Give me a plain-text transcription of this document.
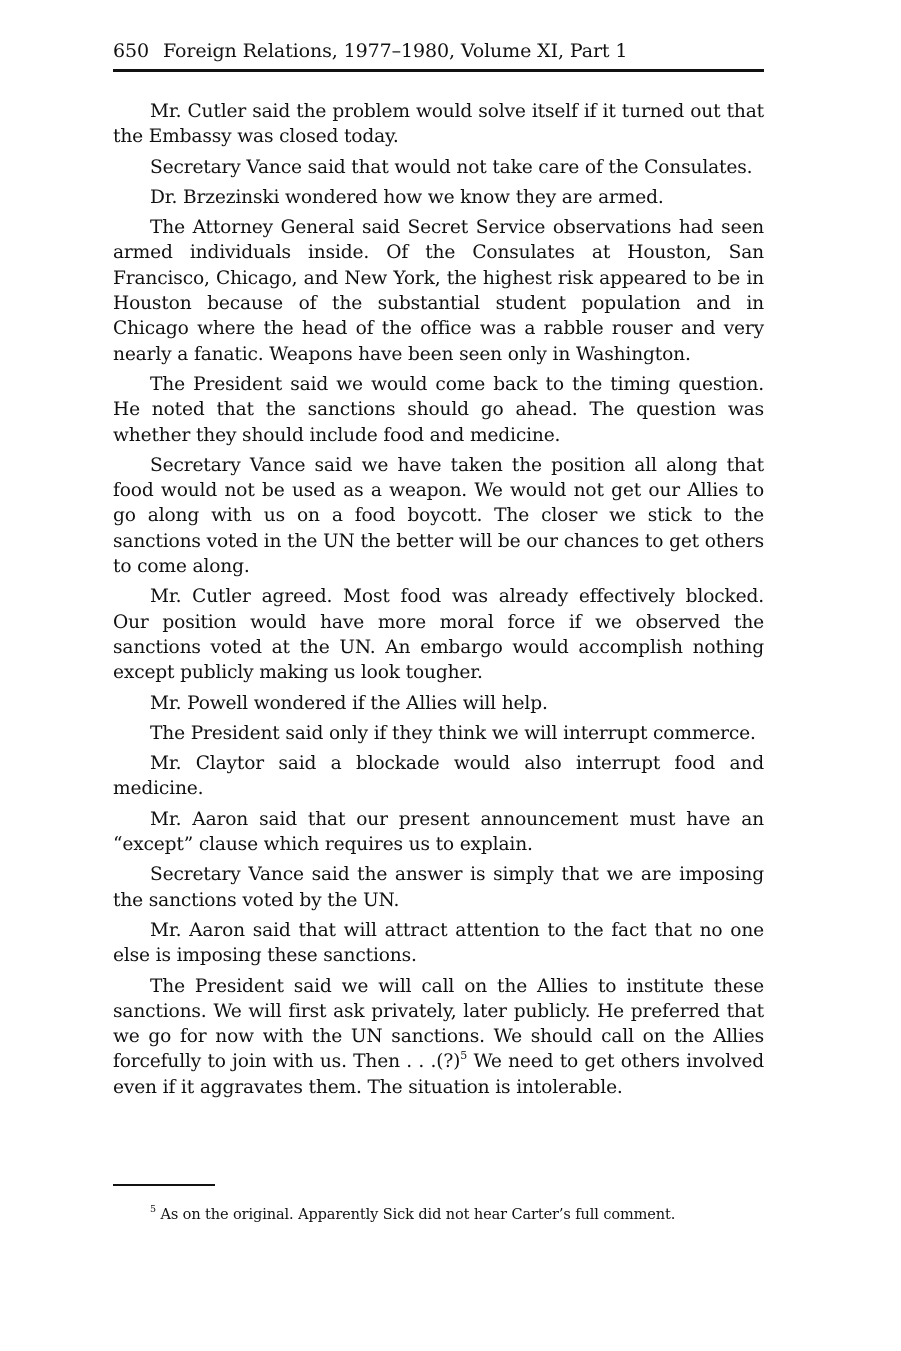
650 Foreign Relations, 1977–1980, Volume XI, Part 1

Mr. Cutler said the problem would solve itself if it turned out that the Embassy was closed today.

Secretary Vance said that would not take care of the Consulates.

Dr. Brzezinski wondered how we know they are armed.

The Attorney General said Secret Service observations had seen armed individuals inside. Of the Consulates at Houston, San Francisco, Chicago, and New York, the highest risk appeared to be in Houston because of the substantial student population and in Chicago where the head of the office was a rabble rouser and very nearly a fanatic. Weapons have been seen only in Washington.

The President said we would come back to the timing question. He noted that the sanctions should go ahead. The question was whether they should include food and medicine.

Secretary Vance said we have taken the position all along that food would not be used as a weapon. We would not get our Allies to go along with us on a food boycott. The closer we stick to the sanctions voted in the UN the better will be our chances to get others to come along.

Mr. Cutler agreed. Most food was already effectively blocked. Our position would have more moral force if we observed the sanctions voted at the UN. An embargo would accomplish nothing except publicly making us look tougher.

Mr. Powell wondered if the Allies will help.

The President said only if they think we will interrupt commerce.

Mr. Claytor said a blockade would also interrupt food and medicine.

Mr. Aaron said that our present announcement must have an “except” clause which requires us to explain.

Secretary Vance said the answer is simply that we are imposing the sanctions voted by the UN.

Mr. Aaron said that will attract attention to the fact that no one else is imposing these sanctions.

The President said we will call on the Allies to institute these sanctions. We will first ask privately, later publicly. He preferred that we go for now with the UN sanctions. We should call on the Allies forcefully to join with us. Then . . .(?)$^5$ We need to get others involved even if it aggravates them. The situation is intolerable.

$^5$ As on the original. Apparently Sick did not hear Carter’s full comment.
